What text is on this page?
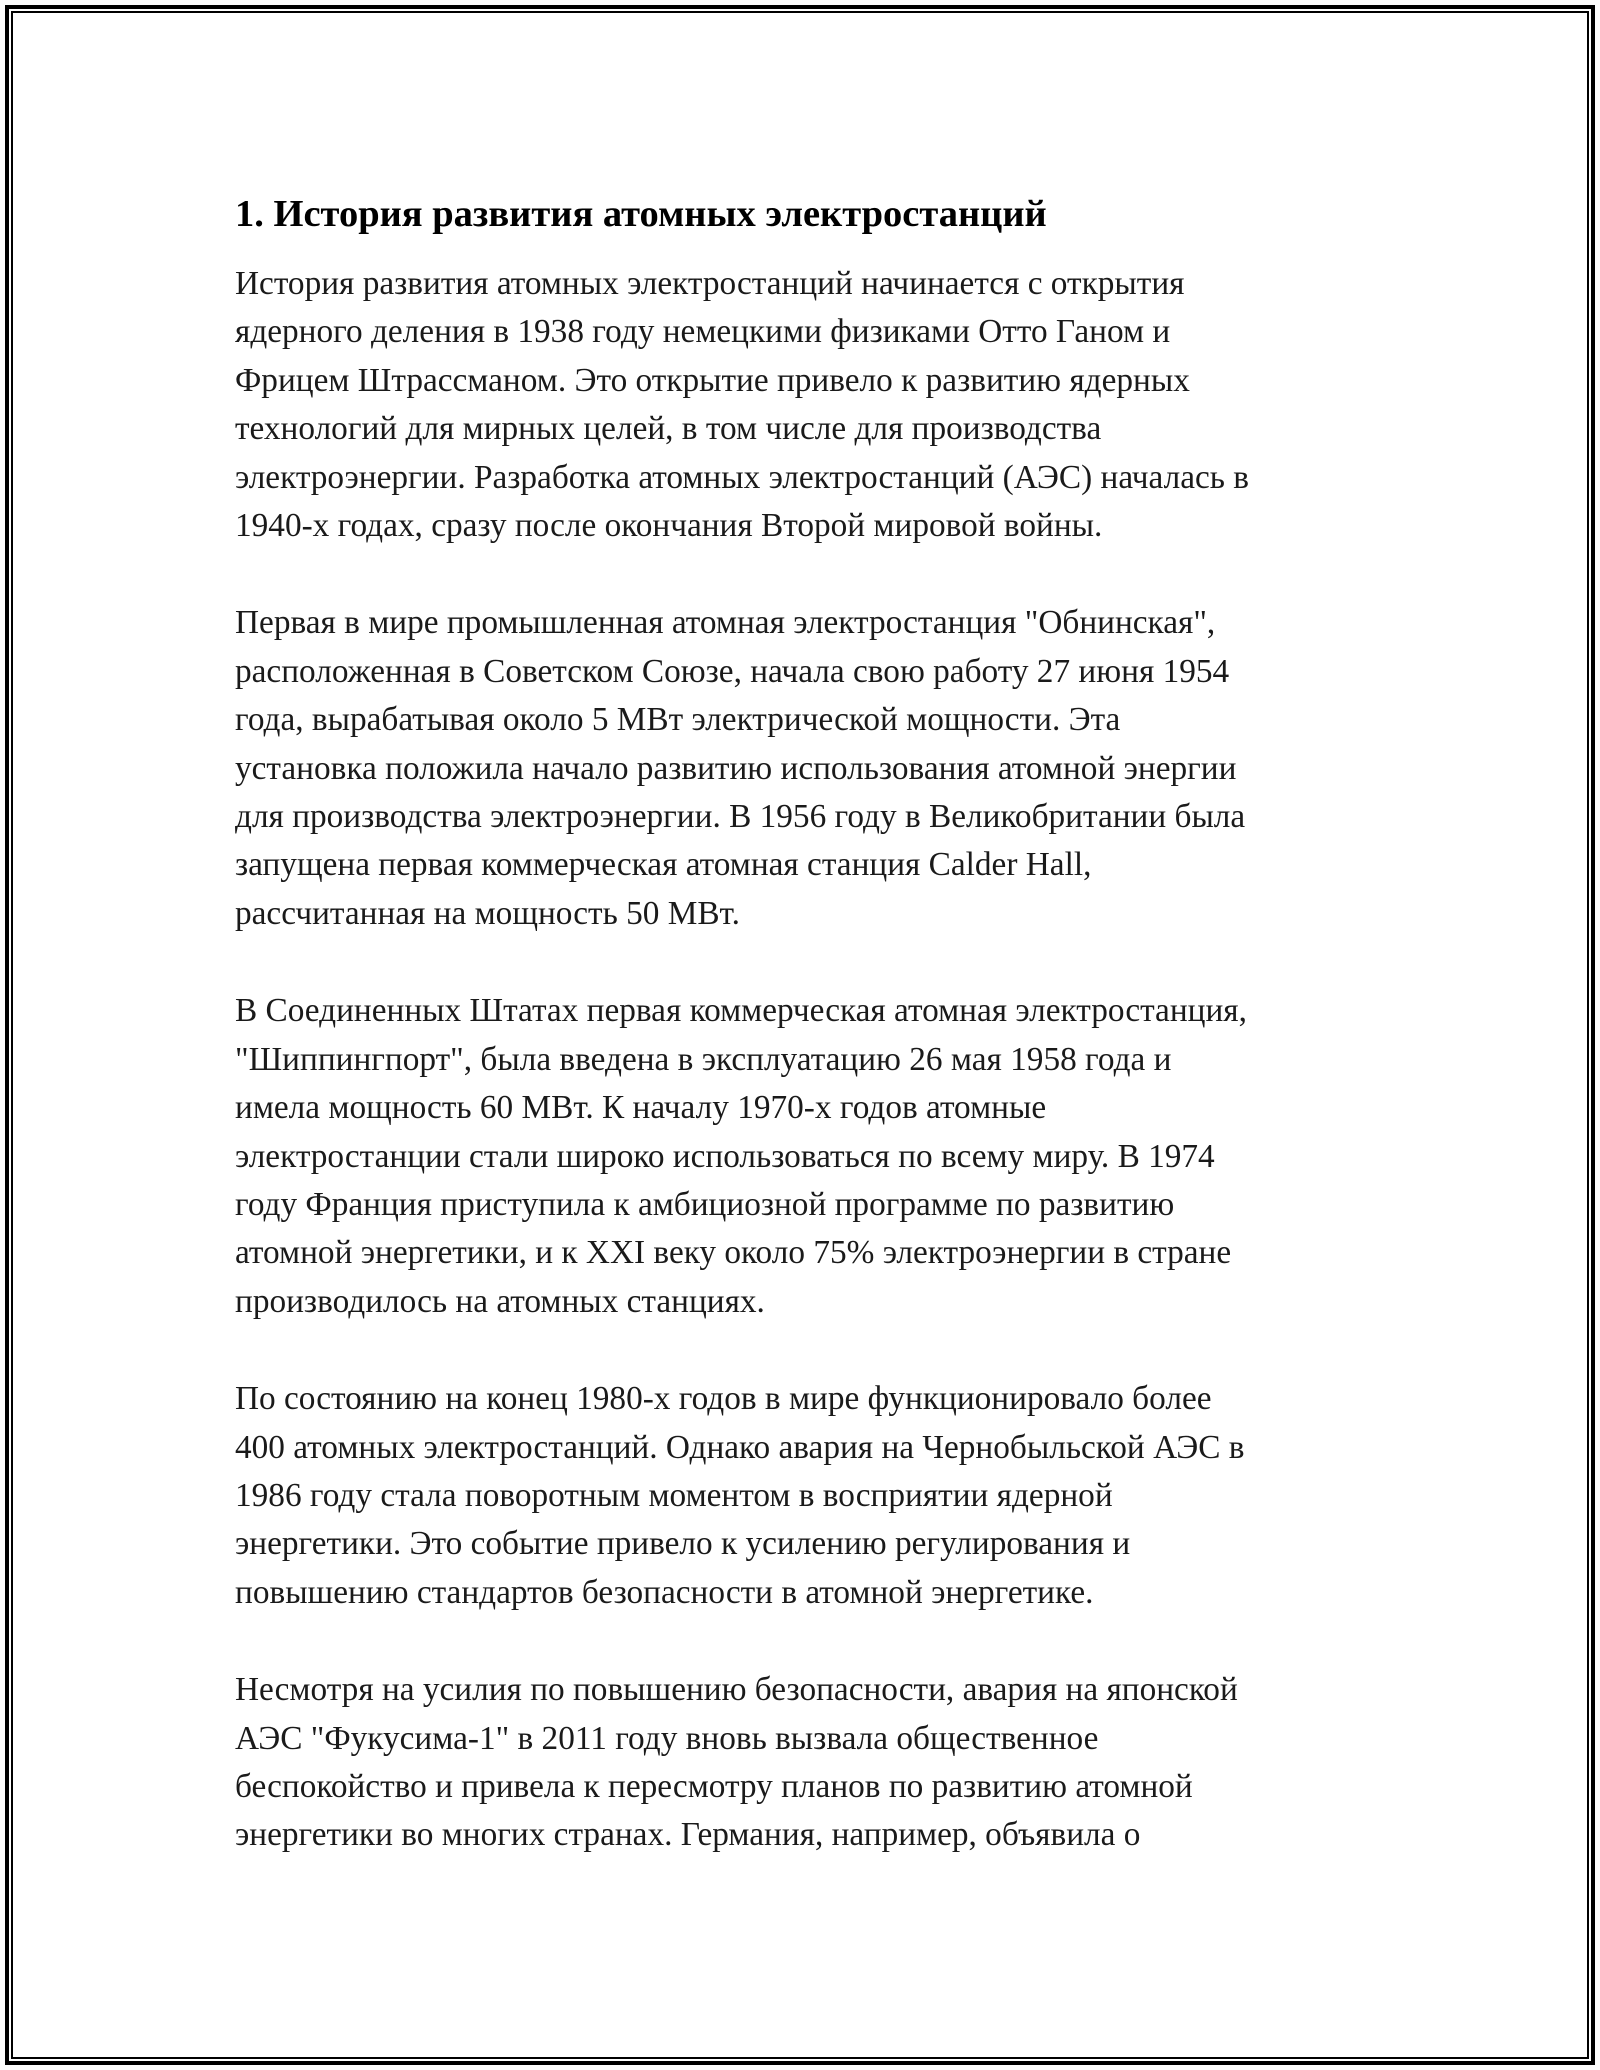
1. История развития атомных электростанций
История развития атомных электростанций начинается с открытия
ядерного деления в 1938 году немецкими физиками Отто Ганом и
Фрицем Штрассманом. Это открытие привело к развитию ядерных
технологий для мирных целей, в том числе для производства
электроэнергии. Разработка атомных электростанций (АЭС) началась в
1940-х годах, сразу после окончания Второй мировой войны.
Первая в мире промышленная атомная электростанция "Обнинская",
расположенная в Советском Союзе, начала свою работу 27 июня 1954
года, вырабатывая около 5 МВт электрической мощности. Эта
установка положила начало развитию использования атомной энергии
для производства электроэнергии. В 1956 году в Великобритании была
запущена первая коммерческая атомная станция Calder Hall,
рассчитанная на мощность 50 МВт.
В Соединенных Штатах первая коммерческая атомная электростанция,
"Шиппингпорт", была введена в эксплуатацию 26 мая 1958 года и
имела мощность 60 МВт. К началу 1970-х годов атомные
электростанции стали широко использоваться по всему миру. В 1974
году Франция приступила к амбициозной программе по развитию
атомной энергетики, и к XXI веку около 75% электроэнергии в стране
производилось на атомных станциях.
По состоянию на конец 1980-х годов в мире функционировало более
400 атомных электростанций. Однако авария на Чернобыльской АЭС в
1986 году стала поворотным моментом в восприятии ядерной
энергетики. Это событие привело к усилению регулирования и
повышению стандартов безопасности в атомной энергетике.
Несмотря на усилия по повышению безопасности, авария на японской
АЭС "Фукусима-1" в 2011 году вновь вызвала общественное
беспокойство и привела к пересмотру планов по развитию атомной
энергетики во многих странах. Германия, например, объявила о
